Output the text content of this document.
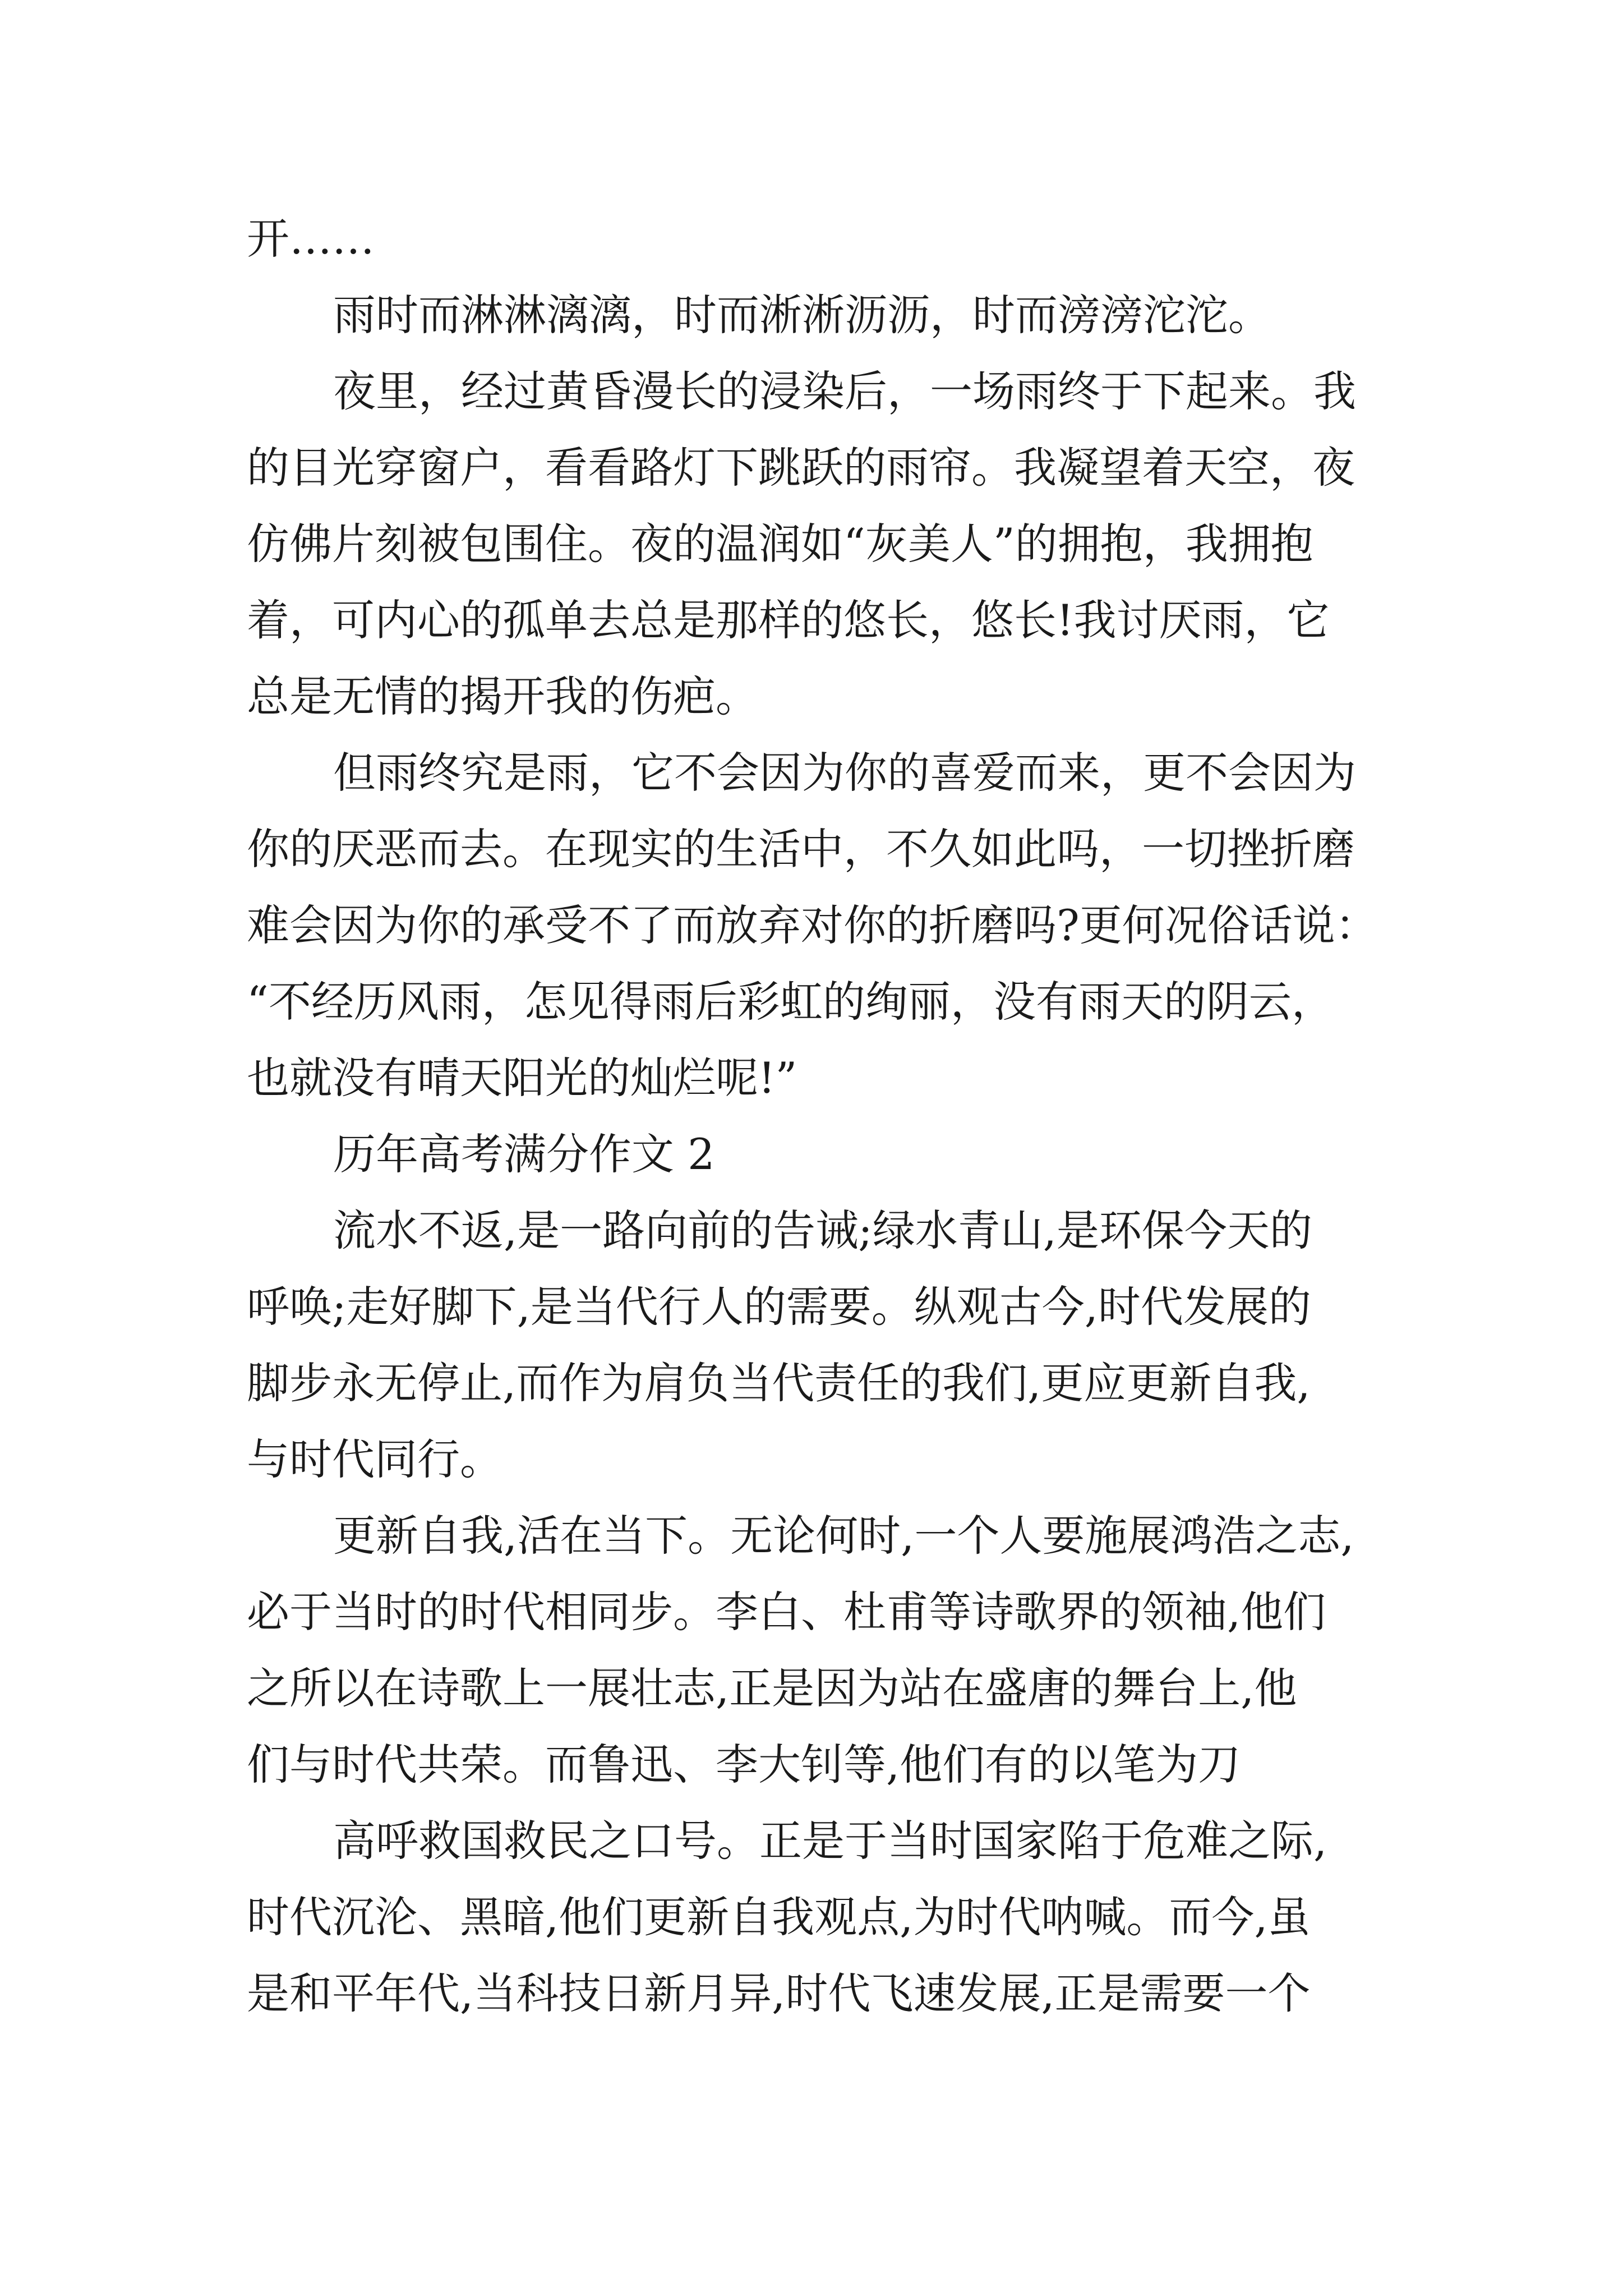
开……
雨时而淋淋漓漓，时而淅淅沥沥，时而滂滂沱沱。
夜里，经过黄昏漫长的浸染后，一场雨终于下起来。我
的目光穿窗户，看看路灯下跳跃的雨帘。我凝望着天空，夜
仿佛片刻被包围住。夜的温润如“灰美人”的拥抱，我拥抱
着，可内心的孤单去总是那样的悠长，悠长!我讨厌雨，它
总是无情的揭开我的伤疤。
但雨终究是雨，它不会因为你的喜爱而来，更不会因为
你的厌恶而去。在现实的生活中，不久如此吗，一切挫折磨
难会因为你的承受不了而放弃对你的折磨吗?更何况俗话说：
“不经历风雨，怎见得雨后彩虹的绚丽，没有雨天的阴云，
也就没有晴天阳光的灿烂呢!”
历年高考满分作文 2
流水不返,是一路向前的告诫;绿水青山,是环保今天的
呼唤;走好脚下,是当代行人的需要。纵观古今,时代发展的
脚步永无停止,而作为肩负当代责任的我们,更应更新自我,
与时代同行。
更新自我,活在当下。无论何时,一个人要施展鸿浩之志,
必于当时的时代相同步。李白、杜甫等诗歌界的领袖,他们
之所以在诗歌上一展壮志,正是因为站在盛唐的舞台上,他
们与时代共荣。而鲁迅、李大钊等,他们有的以笔为刀
高呼救国救民之口号。正是于当时国家陷于危难之际,
时代沉沦、黑暗,他们更新自我观点,为时代呐喊。而今,虽
是和平年代,当科技日新月异,时代飞速发展,正是需要一个
